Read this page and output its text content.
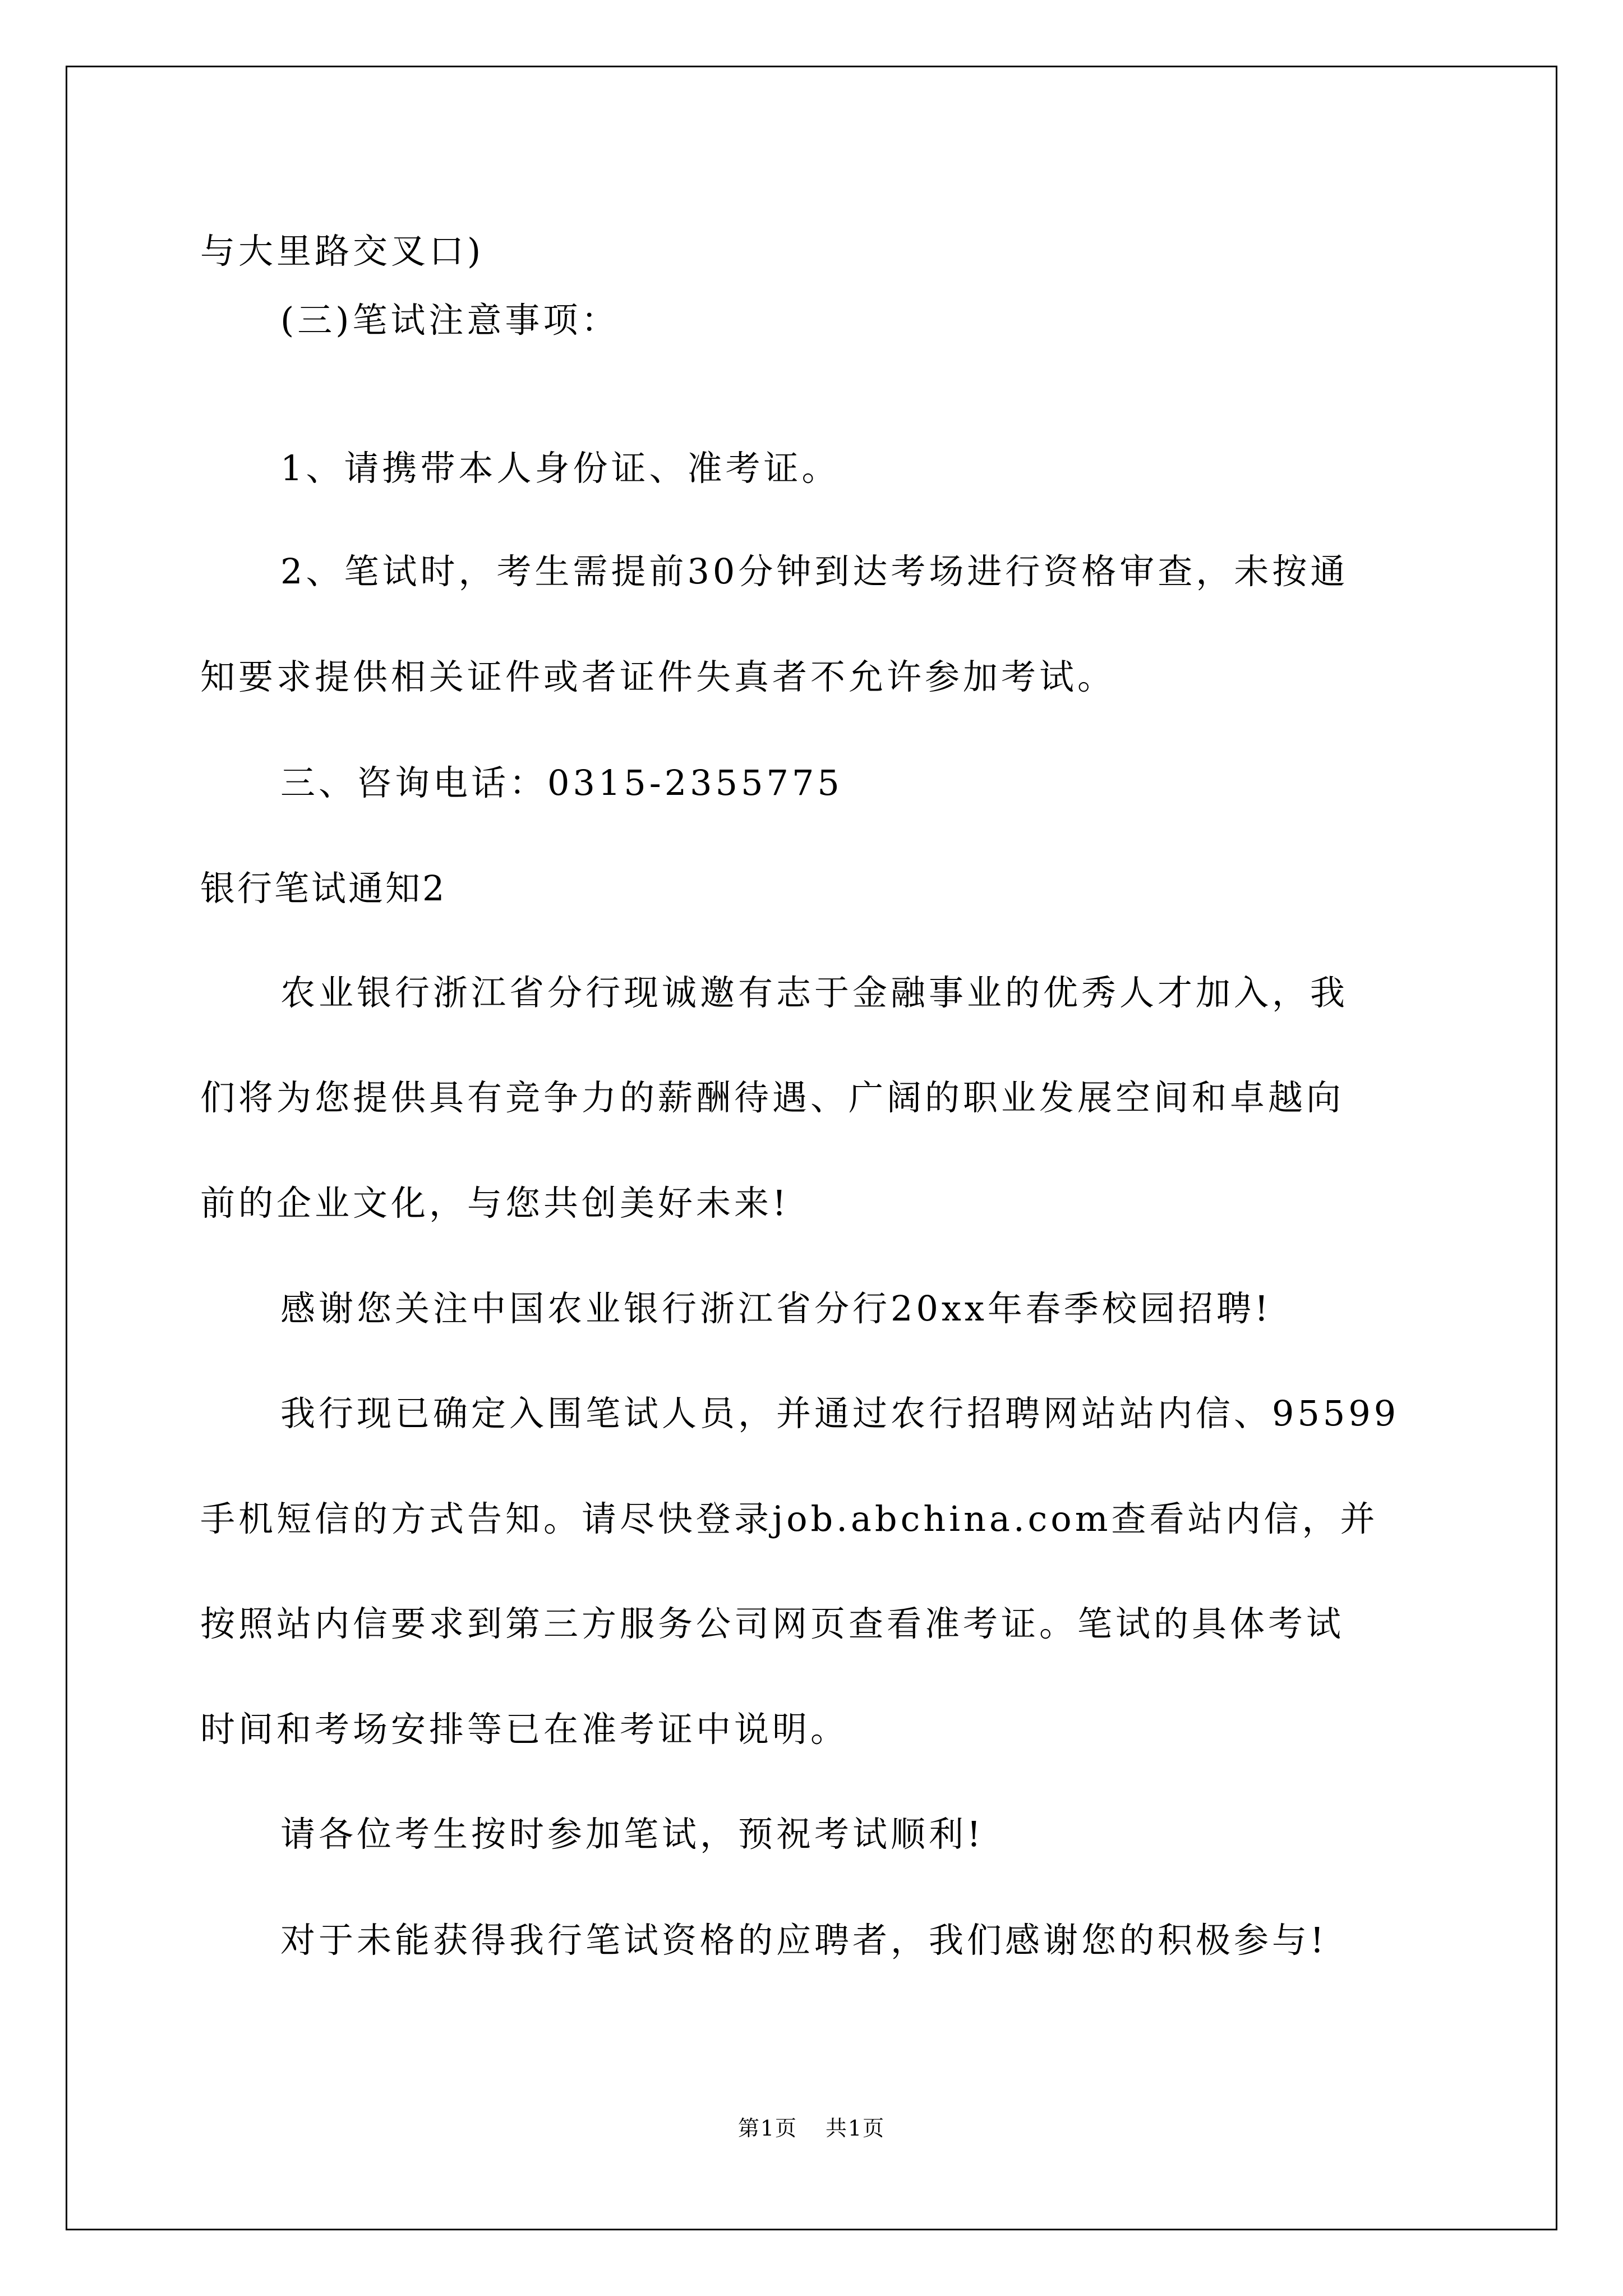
与大里路交叉口)
(三)笔试注意事项：
1、请携带本人身份证、准考证。
2、笔试时，考生需提前30分钟到达考场进行资格审查，未按通
知要求提供相关证件或者证件失真者不允许参加考试。
三、咨询电话：0315-2355775
银行笔试通知2
农业银行浙江省分行现诚邀有志于金融事业的优秀人才加入，我
们将为您提供具有竞争力的薪酬待遇、广阔的职业发展空间和卓越向
前的企业文化，与您共创美好未来!
感谢您关注中国农业银行浙江省分行20xx年春季校园招聘!
我行现已确定入围笔试人员，并通过农行招聘网站站内信、95599
手机短信的方式告知。请尽快登录job.abchina.com查看站内信，并
按照站内信要求到第三方服务公司网页查看准考证。笔试的具体考试
时间和考场安排等已在准考证中说明。
请各位考生按时参加笔试，预祝考试顺利!
对于未能获得我行笔试资格的应聘者，我们感谢您的积极参与!
第1页 共1页
